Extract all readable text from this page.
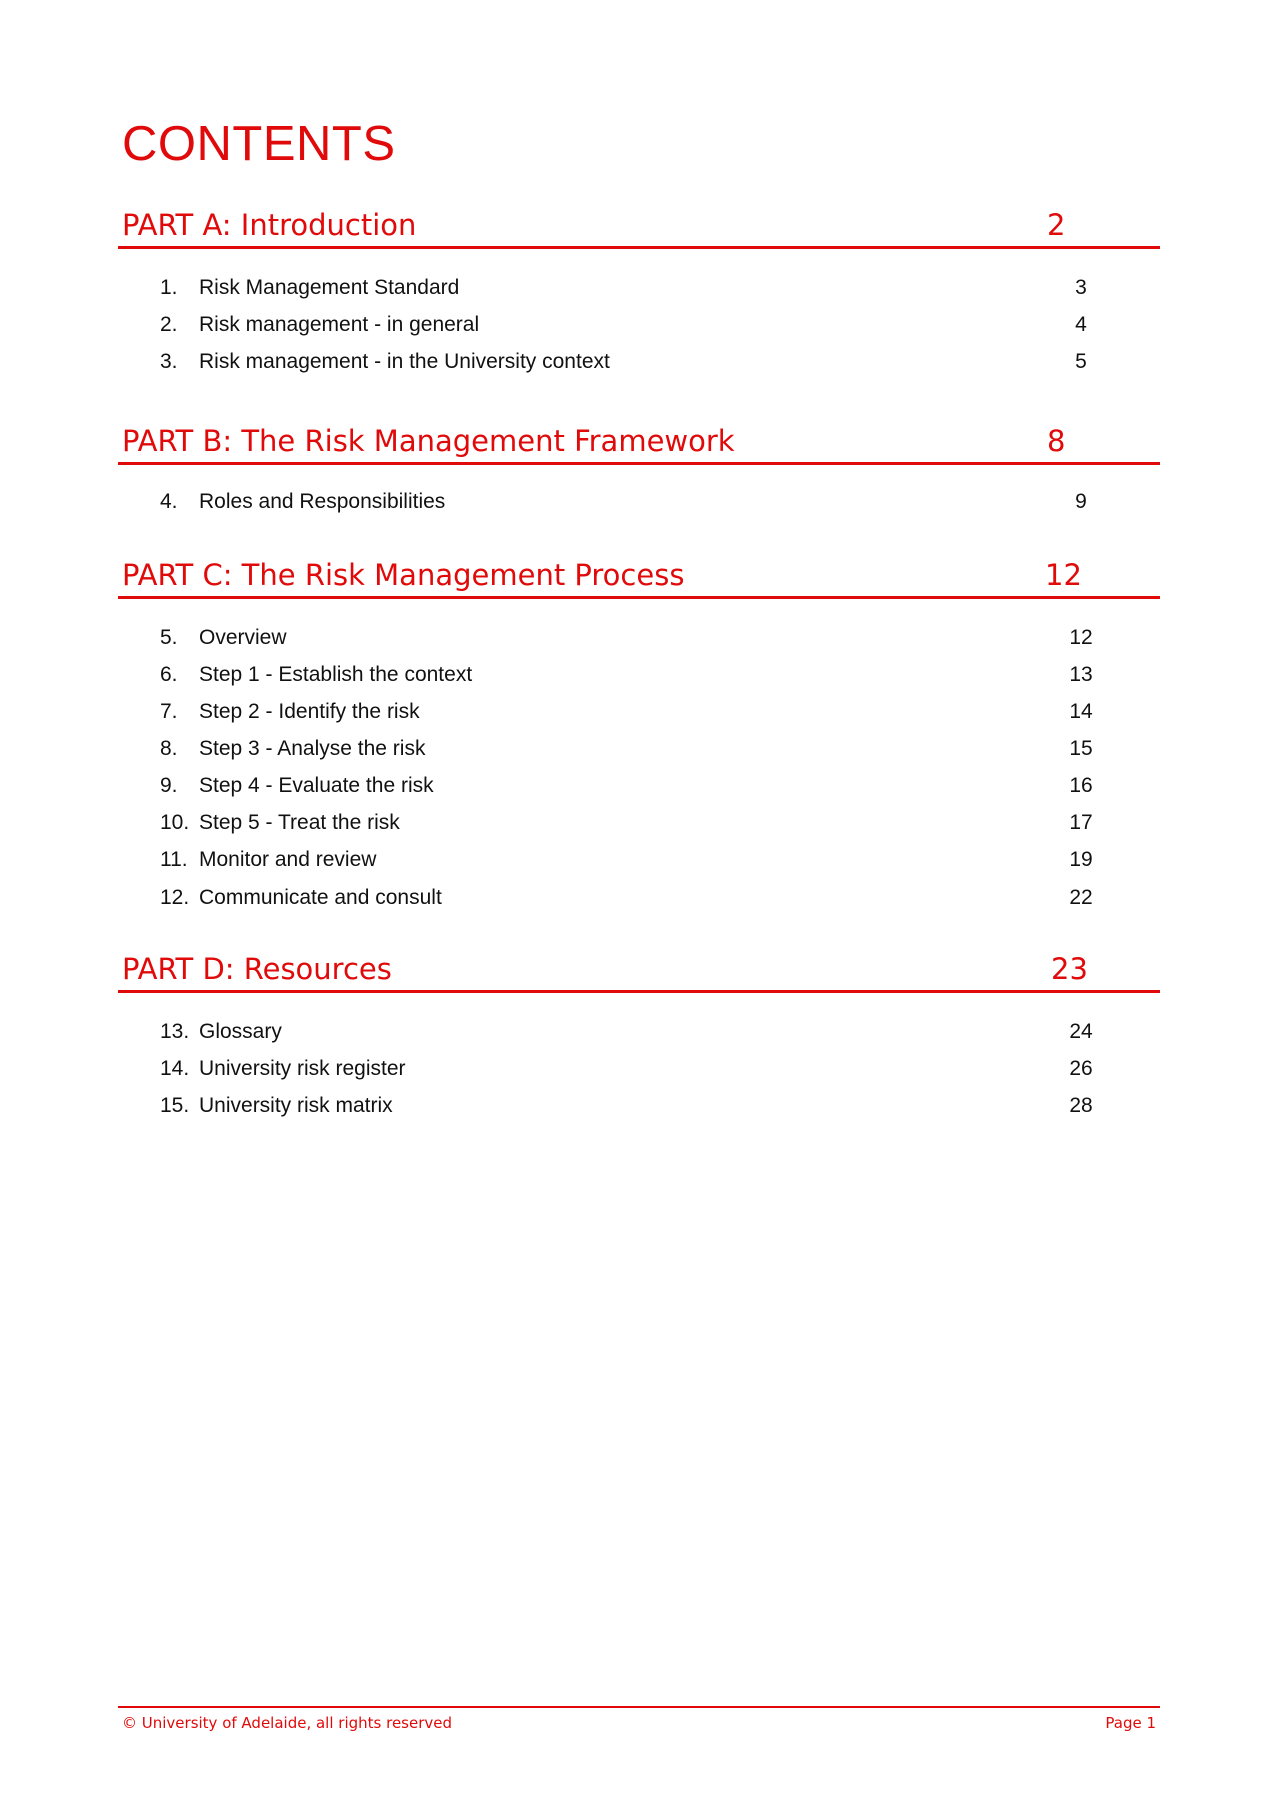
CONTENTS
PART A: Introduction	2
1. Risk Management Standard	3
2. Risk management - in general	4
3. Risk management - in the University context	5
PART B: The Risk Management Framework	8
4. Roles and Responsibilities	9
PART C: The Risk Management Process	12
5. Overview	12
6. Step 1 - Establish the context	13
7. Step 2 - Identify the risk	14
8. Step 3 - Analyse the risk	15
9. Step 4 - Evaluate the risk	16
10. Step 5 - Treat the risk	17
11. Monitor and review	19
12. Communicate and consult	22
PART D: Resources	23
13. Glossary	24
14. University risk register	26
15. University risk matrix	28
© University of Adelaide, all rights reserved	Page 1
